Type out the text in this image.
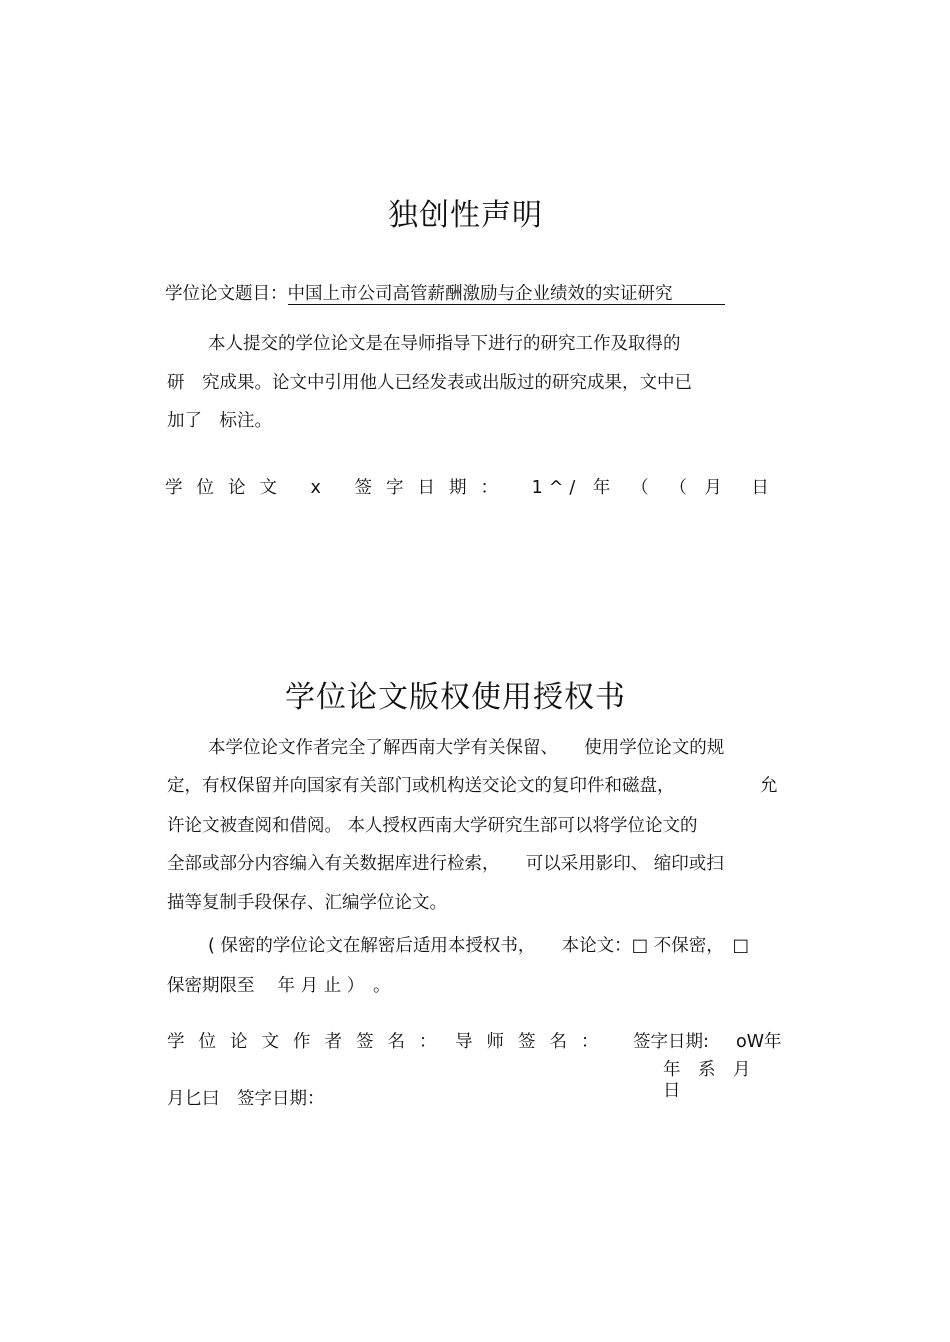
独创性声明
学位论文题目：中国上市公司高管薪酬激励与企业绩效的实证研究
本人提交的学位论文是在导师指导下进行的研究工作及取得的
研　究成果。论文中引用他人已经发表或出版过的研究成果，文中已
加了　标注。
学位论文 x 签字日期： 1^/ 年　（　（ 月　日
学位论文版权使用授权书
本学位论文作者完全了解西南大学有关保留、　　使用学位论文的规
定，有权保留并向国家有关部门或机构送交论文的复印件和磁盘，	允
许论文被查阅和借阅。 本人授权西南大学研究生部可以将学位论文的
全部或部分内容编入有关数据库进行检索，　　可以采用影印、 缩印或扫
描等复制手段保存、汇编学位论文。
( 保密的学位论文在解密后适用本授权书，　　本论文：□ 不保密，　□
保密期限至　 年 月 止 ）　。
学位论文作者签名： 导师签名： 签字日期: oW年
年　系　月
日
月匕曰　签字日期：
